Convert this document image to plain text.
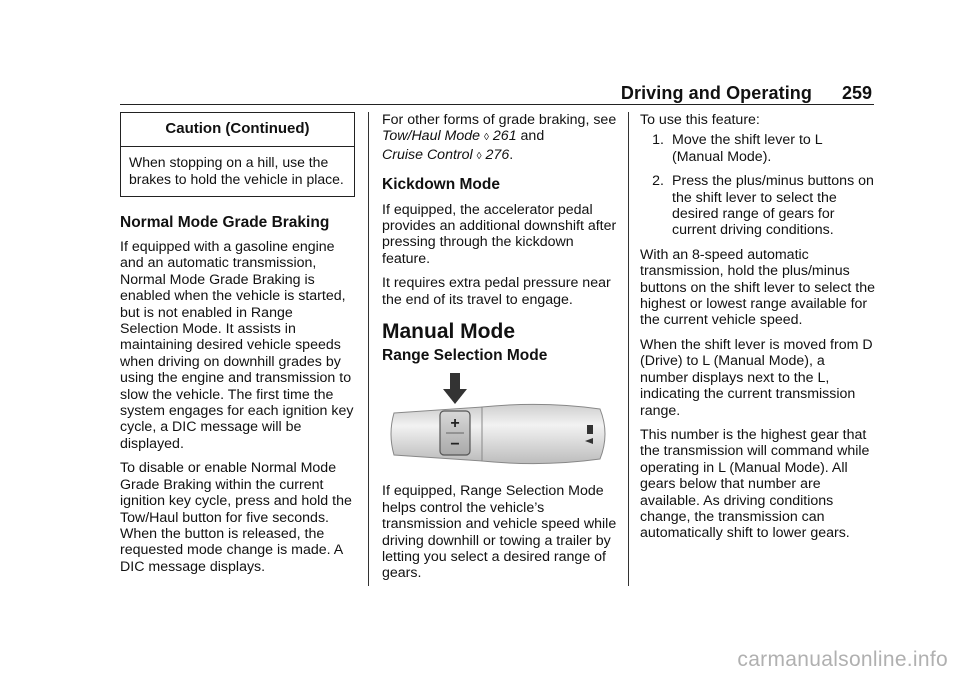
Driving and Operating 259
Caution (Continued)
When stopping on a hill, use the brakes to hold the vehicle in place.
Normal Mode Grade Braking

If equipped with a gasoline engine and an automatic transmission, Normal Mode Grade Braking is enabled when the vehicle is started, but is not enabled in Range Selection Mode. It assists in maintaining desired vehicle speeds when driving on downhill grades by using the engine and transmission to slow the vehicle. The first time the system engages for each ignition key cycle, a DIC message will be displayed.

To disable or enable Normal Mode Grade Braking within the current ignition key cycle, press and hold the Tow/Haul button for five seconds. When the button is released, the requested mode change is made. A DIC message displays.

For other forms of grade braking, see Tow/Haul Mode ◊ 261 and
Cruise Control ◊ 276.

Kickdown Mode

If equipped, the accelerator pedal provides an additional downshift after pressing through the kickdown feature.

It requires extra pedal pressure near the end of its travel to engage.

Manual Mode
Range Selection Mode
+
−

If equipped, Range Selection Mode helps control the vehicle’s transmission and vehicle speed while driving downhill or towing a trailer by letting you select a desired range of gears.

To use this feature:

1. Move the shift lever to L (Manual Mode).
2. Press the plus/minus buttons on the shift lever to select the desired range of gears for current driving conditions.

With an 8-speed automatic transmission, hold the plus/minus buttons on the shift lever to select the highest or lowest range available for the current vehicle speed.

When the shift lever is moved from D (Drive) to L (Manual Mode), a number displays next to the L, indicating the current transmission range.

This number is the highest gear that the transmission will command while operating in L (Manual Mode). All gears below that number are available. As driving conditions change, the transmission can automatically shift to lower gears.

carmanualsonline.info
